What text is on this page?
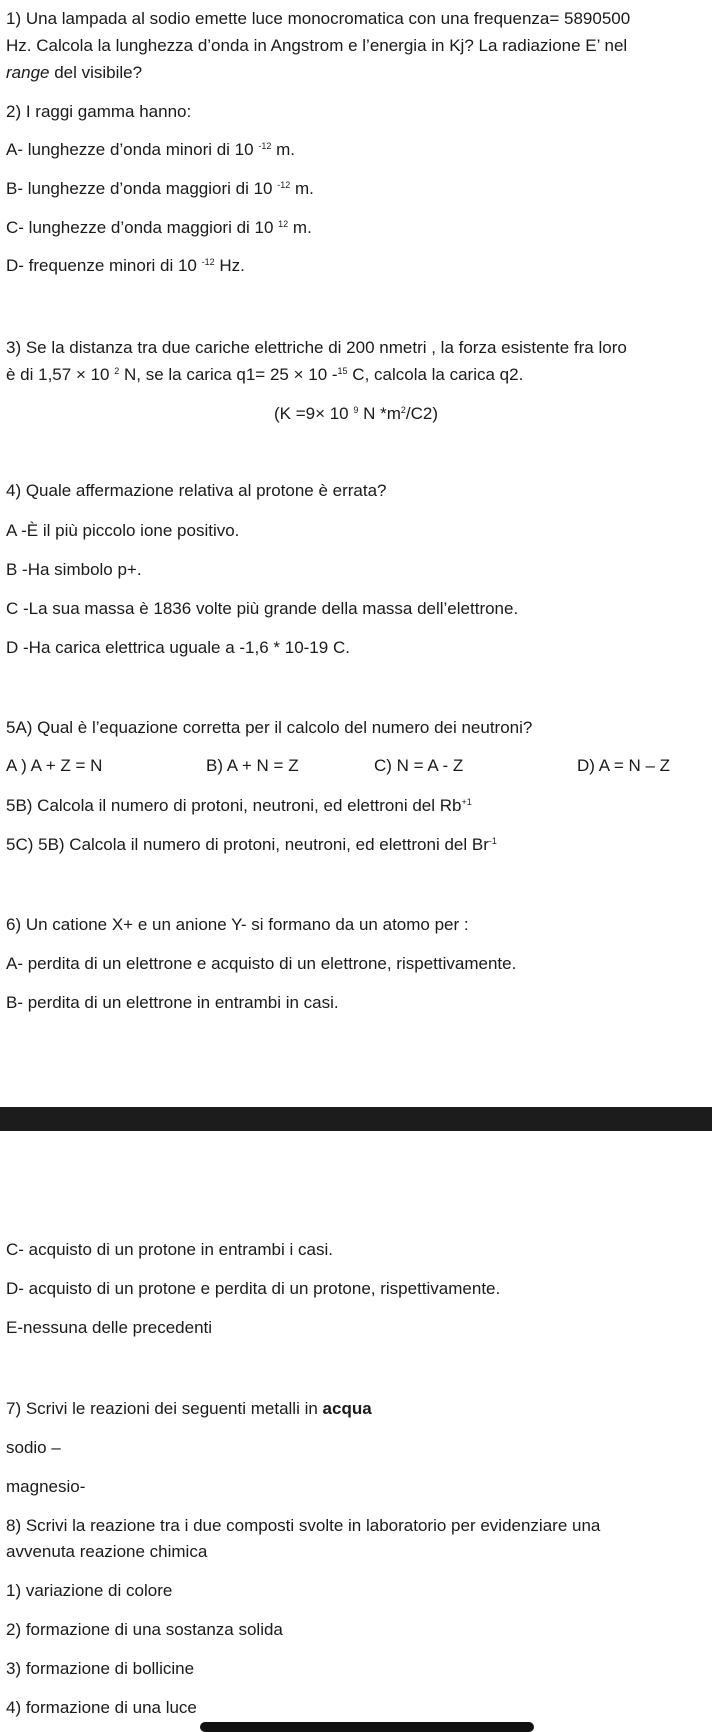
1) Una lampada al sodio emette luce monocromatica con una frequenza= 5890500
Hz. Calcola la lunghezza d’onda in Angstrom e l’energia in Kj? La radiazione E’ nel
range del visibile?
2) I raggi gamma hanno:
A- lunghezze d’onda minori di 10 $^{-12}$ m.
B- lunghezze d’onda maggiori di 10 $^{-12}$ m.
C- lunghezze d’onda maggiori di 10 $^{12}$ m.
D- frequenze minori di 10 $^{-12}$ Hz.
3) Se la distanza tra due cariche elettriche di 200 nmetri , la forza esistente fra loro
è di 1,57 × 10 $^2$ N, se la carica q1= 25 × 10 -$^{15}$ C, calcola la carica q2.
(K =9× 10 $^9$ N $*m^2/C2$)
4) Quale affermazione relativa al protone è errata?
A -È il più piccolo ione positivo.
B -Ha simbolo p+.
C -La sua massa è 1836 volte più grande della massa dell’elettrone.
D -Ha carica elettrica uguale a -1,6 * 10-19 C.
5A) Qual è l’equazione corretta per il calcolo del numero dei neutroni?
A ) A + Z = N	B) A + N = Z	C) N = A - Z	D) A = N – Z
5B) Calcola il numero di protoni, neutroni, ed elettroni del $Rb^{+1}$
5C) 5B) Calcola il numero di protoni, neutroni, ed elettroni del $Br^{-1}$
6) Un catione X+ e un anione Y- si formano da un atomo per :
A- perdita di un elettrone e acquisto di un elettrone, rispettivamente.
B- perdita di un elettrone in entrambi in casi.
C- acquisto di un protone in entrambi i casi.
D- acquisto di un protone e perdita di un protone, rispettivamente.
E-nessuna delle precedenti
7) Scrivi le reazioni dei seguenti metalli in acqua
sodio –
magnesio-
8) Scrivi la reazione tra i due composti svolte in laboratorio per evidenziare una
avvenuta reazione chimica
1) variazione di colore
2) formazione di una sostanza solida
3) formazione di bollicine
4) formazione di una luce
